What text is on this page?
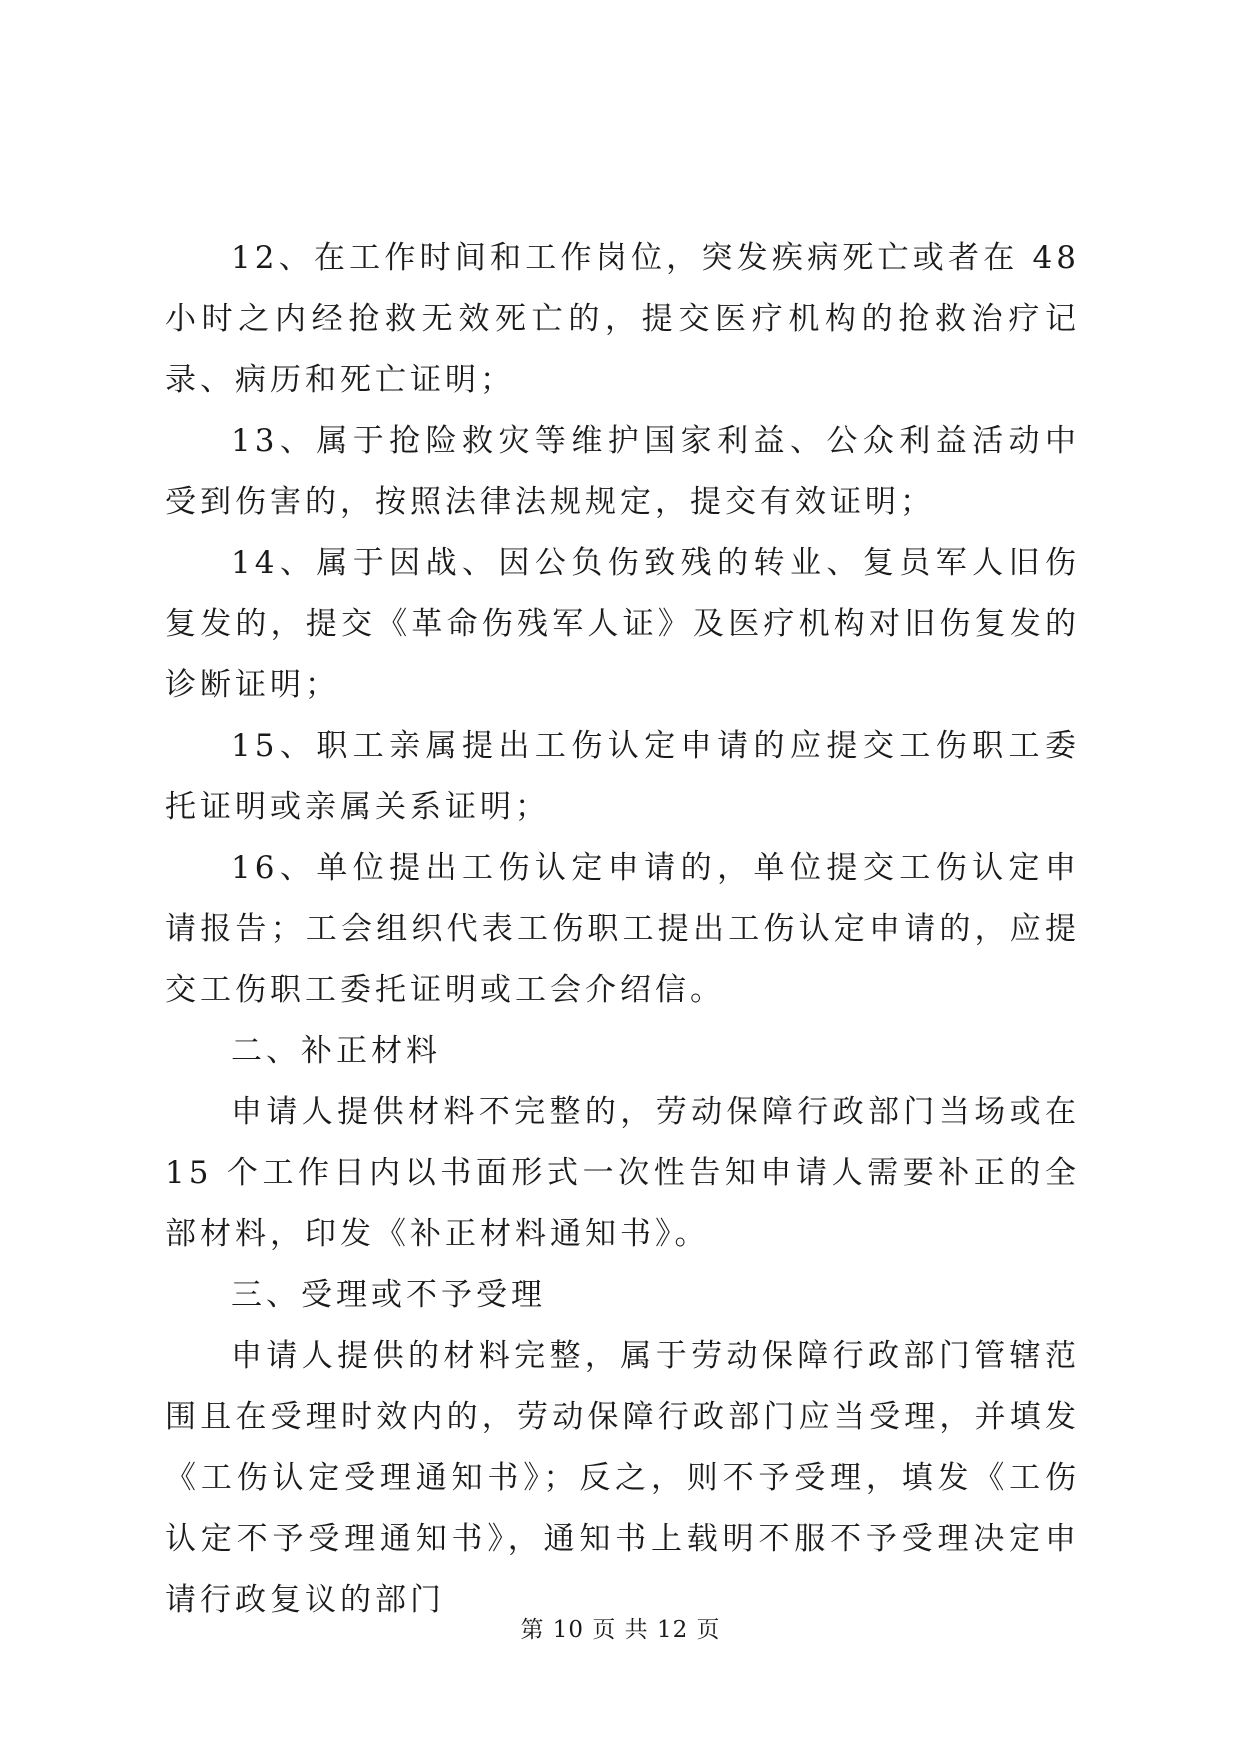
12、在工作时间和工作岗位，突发疾病死亡或者在 48 小时之内经抢救无效死亡的，提交医疗机构的抢救治疗记录、病历和死亡证明；

13、属于抢险救灾等维护国家利益、公众利益活动中受到伤害的，按照法律法规规定，提交有效证明；

14、属于因战、因公负伤致残的转业、复员军人旧伤复发的，提交《革命伤残军人证》及医疗机构对旧伤复发的诊断证明；

15、职工亲属提出工伤认定申请的应提交工伤职工委托证明或亲属关系证明；

16、单位提出工伤认定申请的，单位提交工伤认定申请报告；工会组织代表工伤职工提出工伤认定申请的，应提交工伤职工委托证明或工会介绍信。

二、补正材料

申请人提供材料不完整的，劳动保障行政部门当场或在 15 个工作日内以书面形式一次性告知申请人需要补正的全部材料，印发《补正材料通知书》。

三、受理或不予受理

申请人提供的材料完整，属于劳动保障行政部门管辖范围且在受理时效内的，劳动保障行政部门应当受理，并填发《工伤认定受理通知书》；反之，则不予受理，填发《工伤认定不予受理通知书》，通知书上载明不服不予受理决定申请行政复议的部门

第 10 页 共 12 页
